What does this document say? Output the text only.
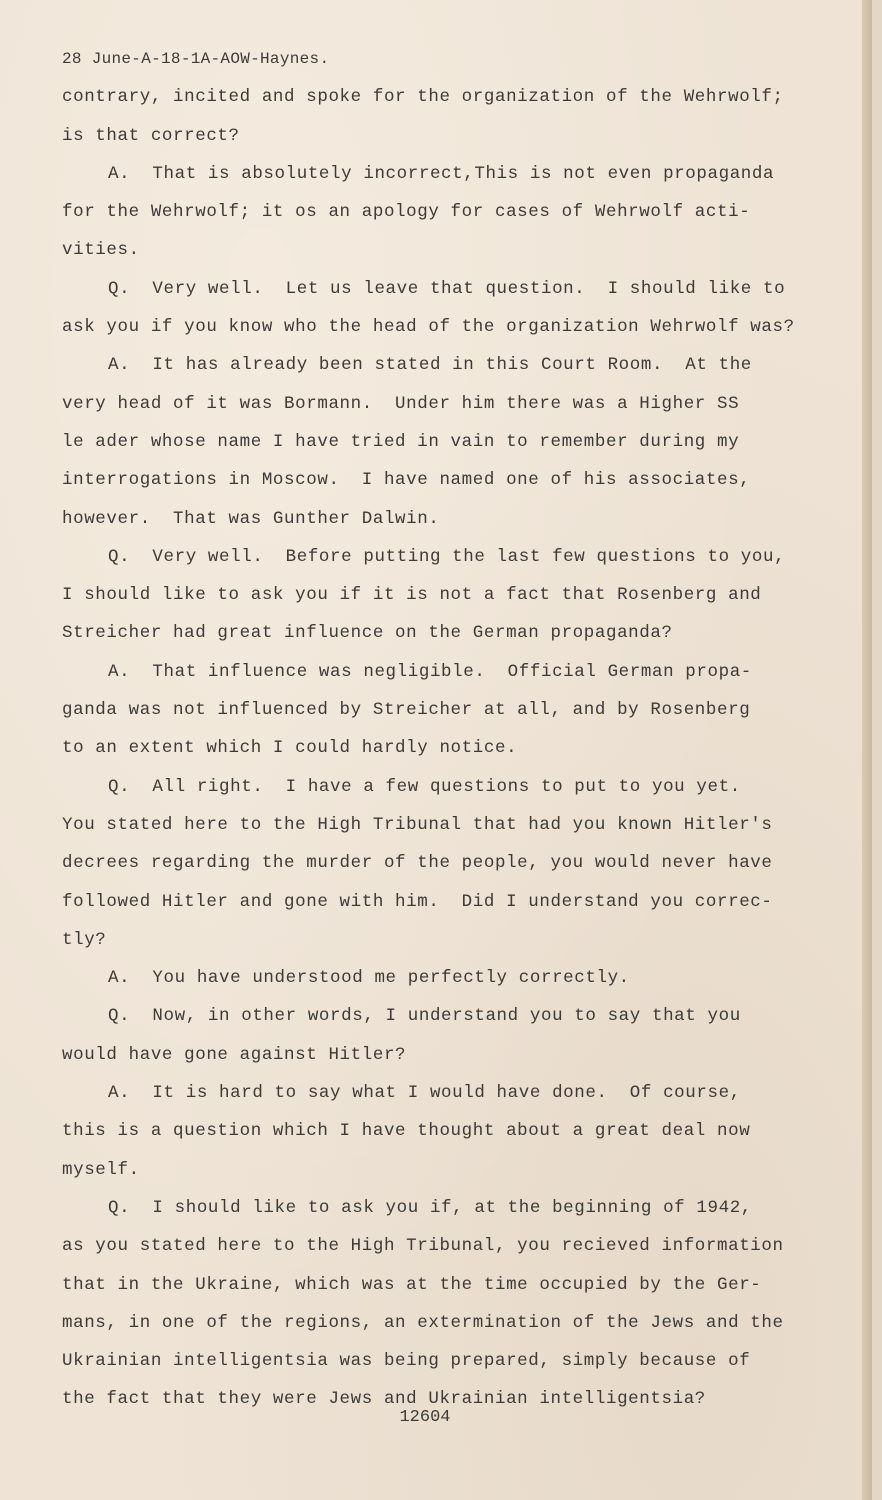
28 June-A-18-1A-AOW-Haynes.
contrary, incited and spoke for the organization of the Wehrwolf;
is that correct?
A.  That is absolutely incorrect,This is not even propaganda
for the Wehrwolf; it os an apology for cases of Wehrwolf acti-
vities.
Q.  Very well.  Let us leave that question.  I should like to
ask you if you know who the head of the organization Wehrwolf was?
A.  It has already been stated in this Court Room.  At the
very head of it was Bormann.  Under him there was a Higher SS
le ader whose name I have tried in vain to remember during my
interrogations in Moscow.  I have named one of his associates,
however.  That was Gunther Dalwin.
Q.  Very well.  Before putting the last few questions to you,
I should like to ask you if it is not a fact that Rosenberg and
Streicher had great influence on the German propaganda?
A.  That influence was negligible.  Official German propa-
ganda was not influenced by Streicher at all, and by Rosenberg
to an extent which I could hardly notice.
Q.  All right.  I have a few questions to put to you yet.
You stated here to the High Tribunal that had you known Hitler's
decrees regarding the murder of the people, you would never have
followed Hitler and gone with him.  Did I understand you correc-
tly?
A.  You have understood me perfectly correctly.
Q.  Now, in other words, I understand you to say that you
would have gone against Hitler?
A.  It is hard to say what I would have done.  Of course,
this is a question which I have thought about a great deal now
myself.
Q.  I should like to ask you if, at the beginning of 1942,
as you stated here to the High Tribunal, you recieved information
that in the Ukraine, which was at the time occupied by the Ger-
mans, in one of the regions, an extermination of the Jews and the
Ukrainian intelligentsia was being prepared, simply because of
the fact that they were Jews and Ukrainian intelligentsia?
12604
